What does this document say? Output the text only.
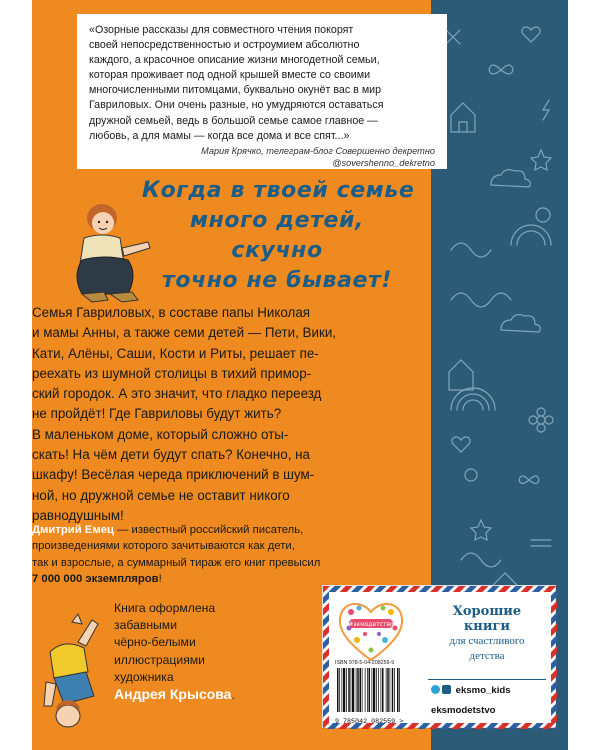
«Озорные рассказы для совместного чтения покорят
своей непосредственностью и остроумием абсолютно
каждого, а красочное описание жизни многодетной семьи,
которая проживает под одной крышей вместе со своими
многочисленными питомцами, буквально окунёт вас в мир
Гавриловых. Они очень разные, но умудряются оставаться
дружной семьей, ведь в большой семье самое главное —
любовь, а для мамы — когда все дома и все спят...»
Мария Крячко, телеграм-блог Совершенно декретно
@sovershenno_dekretno
Когда в твоей семье
много детей,
скучно
точно не бывает!
Семья Гавриловых, в составе папы Николая
и мамы Анны, а также семи детей — Пети, Вики,
Кати, Алёны, Саши, Кости и Риты, решает пе-
реехать из шумной столицы в тихий примор-
ский городок. А это значит, что гладко переезд
не пройдёт! Где Гавриловы будут жить?
В маленьком доме, который сложно оты-
скать! На чём дети будут спать? Конечно, на
шкафу! Весёлая череда приключений в шум-
ной, но дружной семье не оставит никого
равнодушным!
Дмитрий Емец — известный российский писатель,
произведениями которого зачитываются как дети,
так и взрослые, а суммарный тираж его книг превысил
7 000 000 экземпляров!
Книга оформлена
забавными
чёрно-белыми
иллюстрациями
художника
Андрея Крысова.
#экмодетство
Хорошие
книги
для счастливого
детства
ISBN 978-5-04-208259-9
9 785042 082559 >
eksmo_kids
eksmodetstvo
